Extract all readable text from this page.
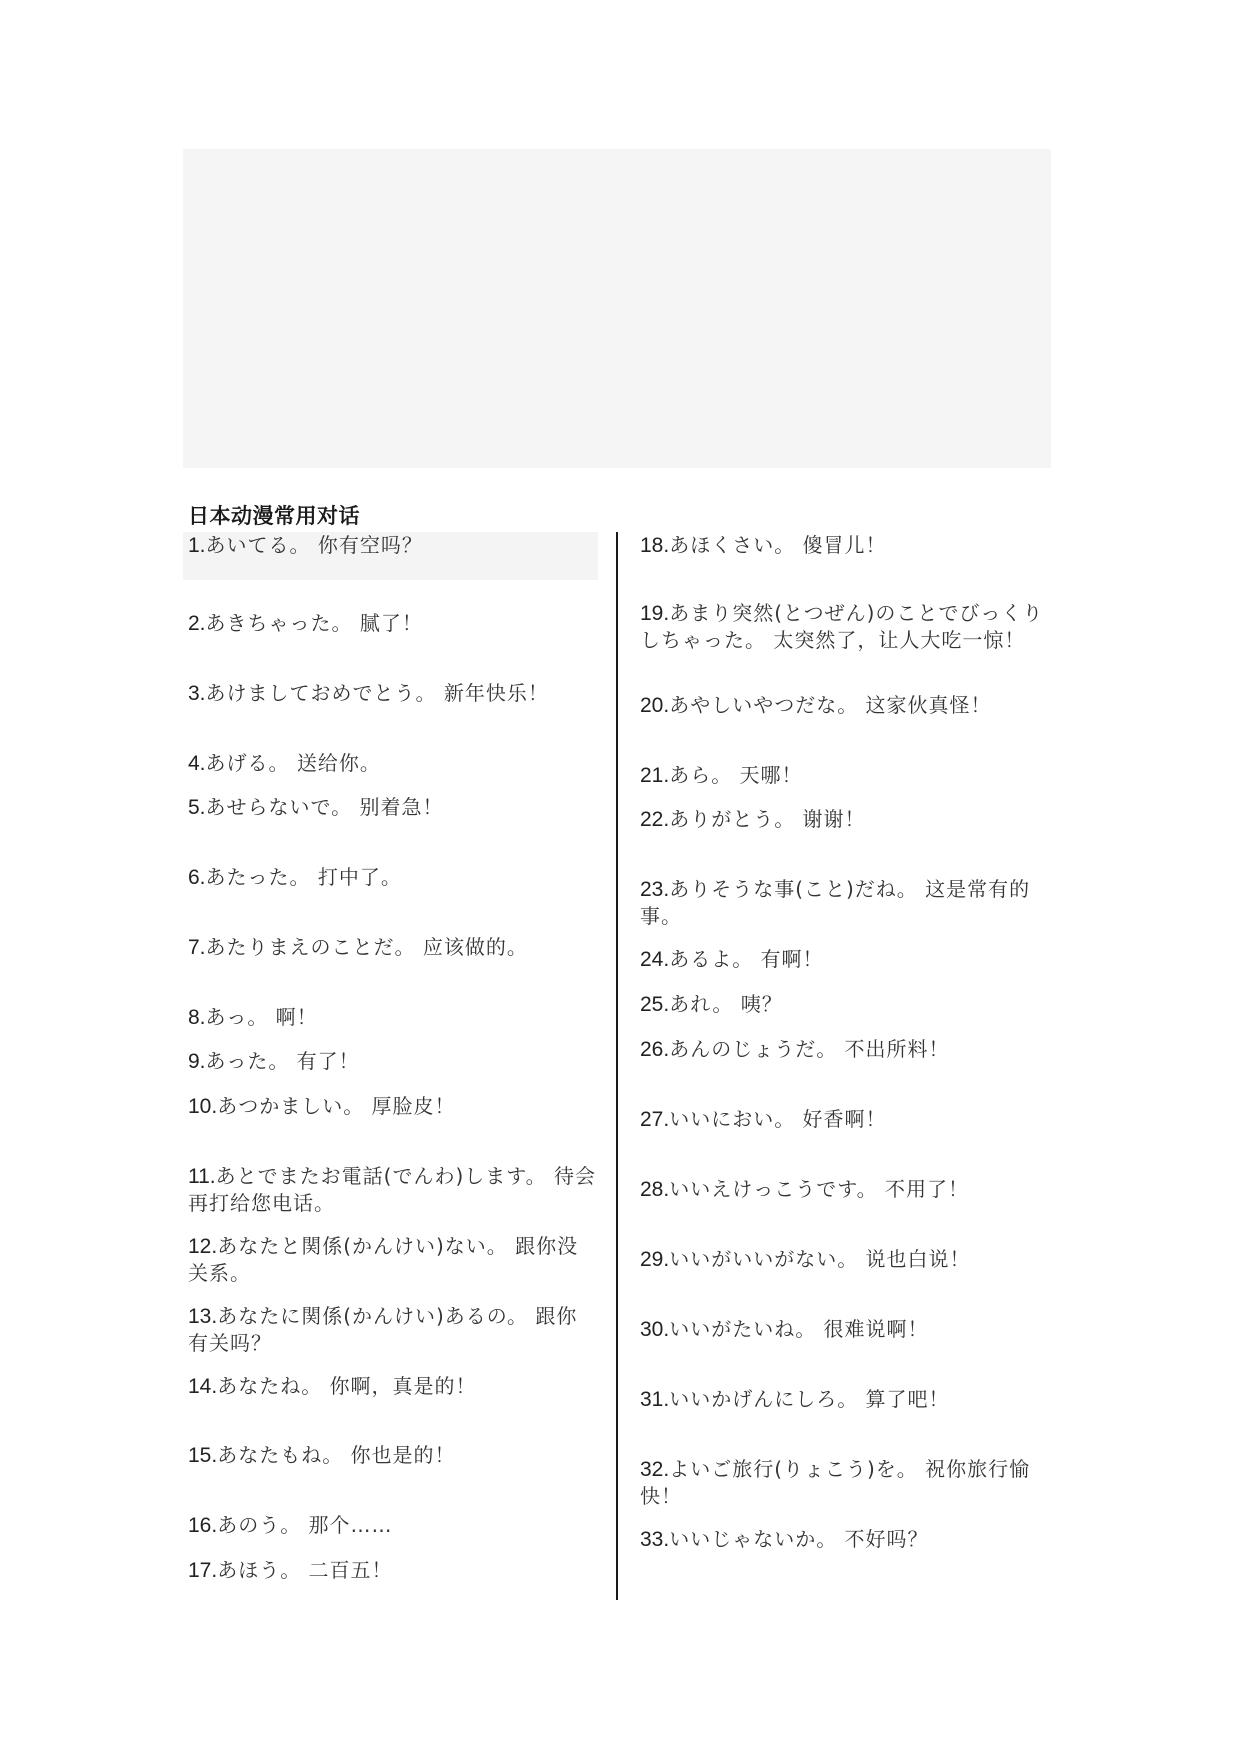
日本动漫常用对话
1.あいてる。 你有空吗？
2.あきちゃった。 腻了！
3.あけましておめでとう。 新年快乐！
4.あげる。 送给你。
5.あせらないで。 别着急！
6.あたった。 打中了。
7.あたりまえのことだ。 应该做的。
8.あっ。 啊！
9.あった。 有了！
10.あつかましい。 厚脸皮！
11.あとでまたお電話(でんわ)します。 待会再打给您电话。
12.あなたと関係(かんけい)ない。 跟你没关系。
13.あなたに関係(かんけい)あるの。 跟你有关吗？
14.あなたね。 你啊，真是的！
15.あなたもね。 你也是的！
16.あのう。 那个……
17.あほう。 二百五！
18.あほくさい。 傻冒儿！
19.あまり突然(とつぜん)のことでびっくりしちゃった。 太突然了，让人大吃一惊！
20.あやしいやつだな。 这家伙真怪！
21.あら。 天哪！
22.ありがとう。 谢谢！
23.ありそうな事(こと)だね。 这是常有的事。
24.あるよ。 有啊！
25.あれ。 咦？
26.あんのじょうだ。 不出所料！
27.いいにおい。 好香啊！
28.いいえけっこうです。 不用了！
29.いいがいいがない。 说也白说！
30.いいがたいね。 很难说啊！
31.いいかげんにしろ。 算了吧！
32.よいご旅行(りょこう)を。 祝你旅行愉快！
33.いいじゃないか。 不好吗？
